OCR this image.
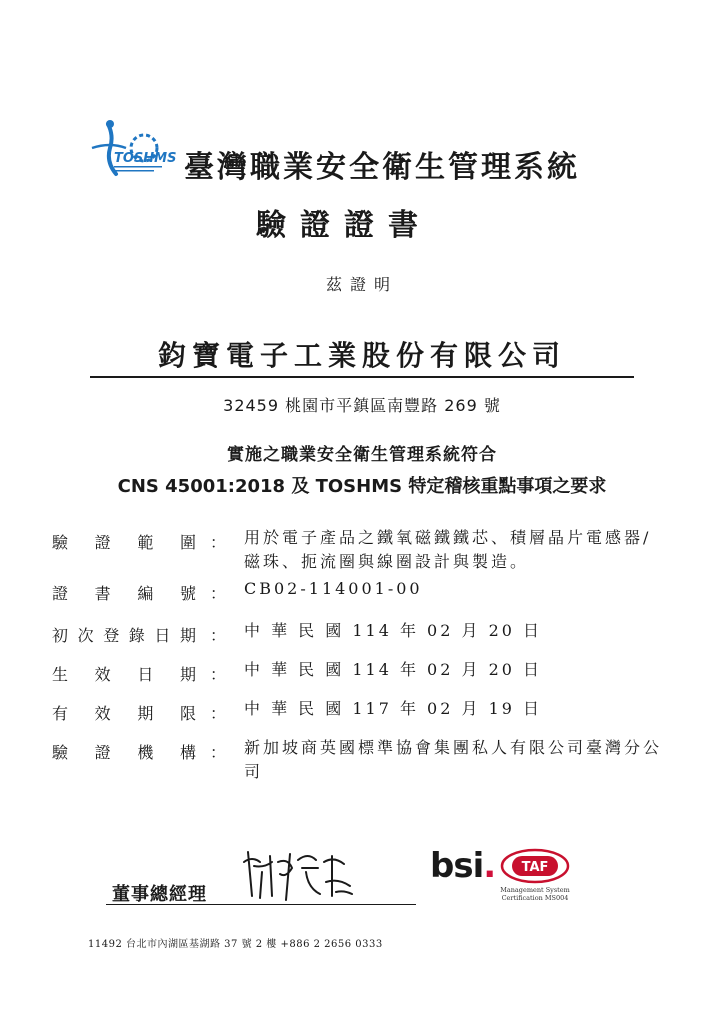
TOSHMS 臺灣職業安全衛生管理系統
驗證證書
茲證明
鈞寶電子工業股份有限公司
32459 桃園市平鎮區南豐路 269 號
實施之職業安全衛生管理系統符合
CNS 45001:2018 及 TOSHMS 特定稽核重點事項之要求
驗 證 範 圍 ： 用於電子產品之鐵氧磁鐵鐵芯、積層晶片電感器/磁珠、扼流圈與線圈設計與製造。
證 書 編 號 ： CB02-114001-00
初 次 登 錄 日 期 ： 中 華 民 國 114 年 02 月 20 日
生 效 日 期 ： 中 華 民 國 114 年 02 月 20 日
有 效 期 限 ： 中 華 民 國 117 年 02 月 19 日
驗 證 機 構 ： 新加坡商英國標準協會集團私人有限公司臺灣分公司
董事總經理
bsi. TAF
Management System Certification MS004
11492 台北市內湖區基湖路 37 號 2 樓 +886 2 2656 0333
